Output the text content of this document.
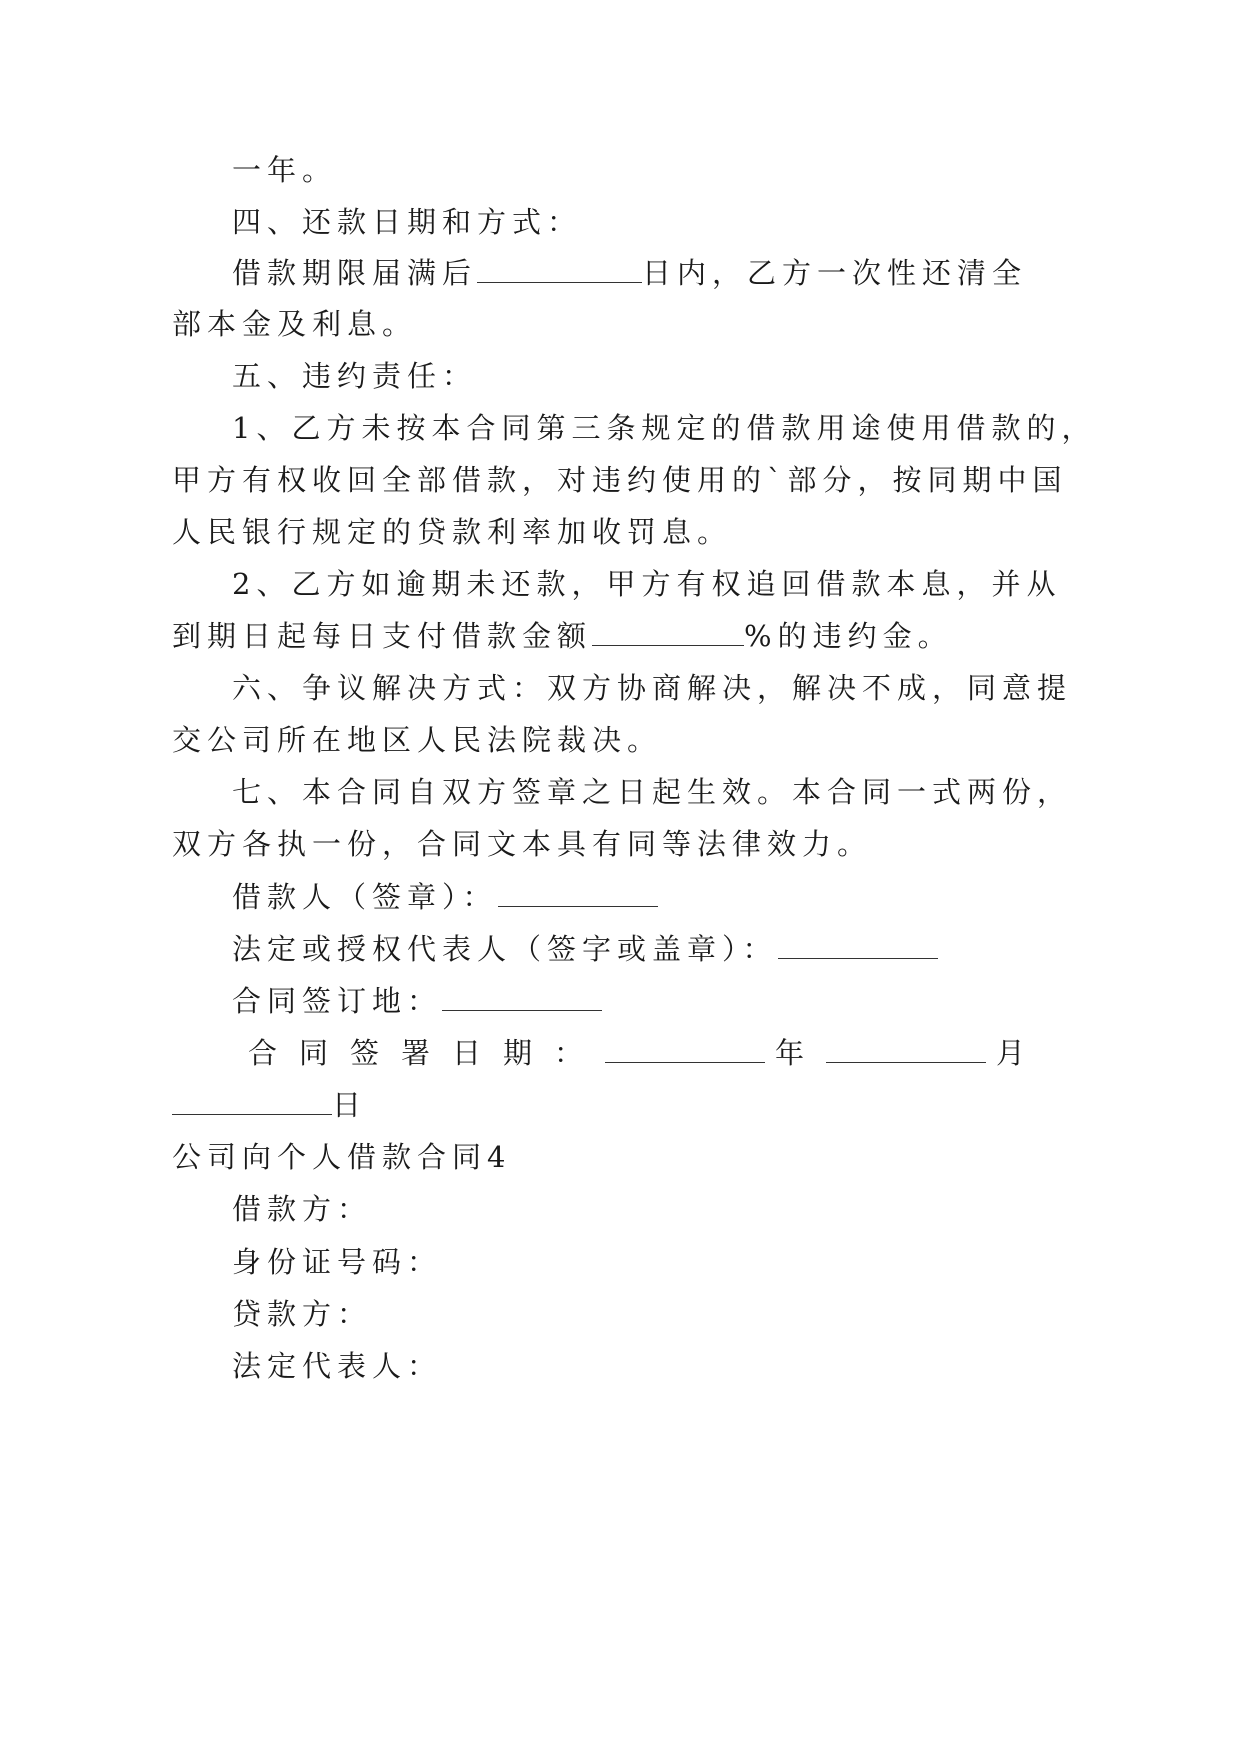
一年。
四、还款日期和方式：
借款期限届满后	日内，乙方一次性还清全
部本金及利息。
五、违约责任：
1、乙方未按本合同第三条规定的借款用途使用借款的，
甲方有权收回全部借款，对违约使用的`部分，按同期中国
人民银行规定的贷款利率加收罚息。
2、乙方如逾期未还款，甲方有权追回借款本息，并从
到期日起每日支付借款金额	%的违约金。
六、争议解决方式：双方协商解决，解决不成，同意提
交公司所在地区人民法院裁决。
七、本合同自双方签章之日起生效。本合同一式两份，
双方各执一份，合同文本具有同等法律效力。
借款人（签章）：
法定或授权代表人（签字或盖章）：
合同签订地：
合同签署日期：	年	月
日
公司向个人借款合同4
借款方：
身份证号码：
贷款方：
法定代表人：
